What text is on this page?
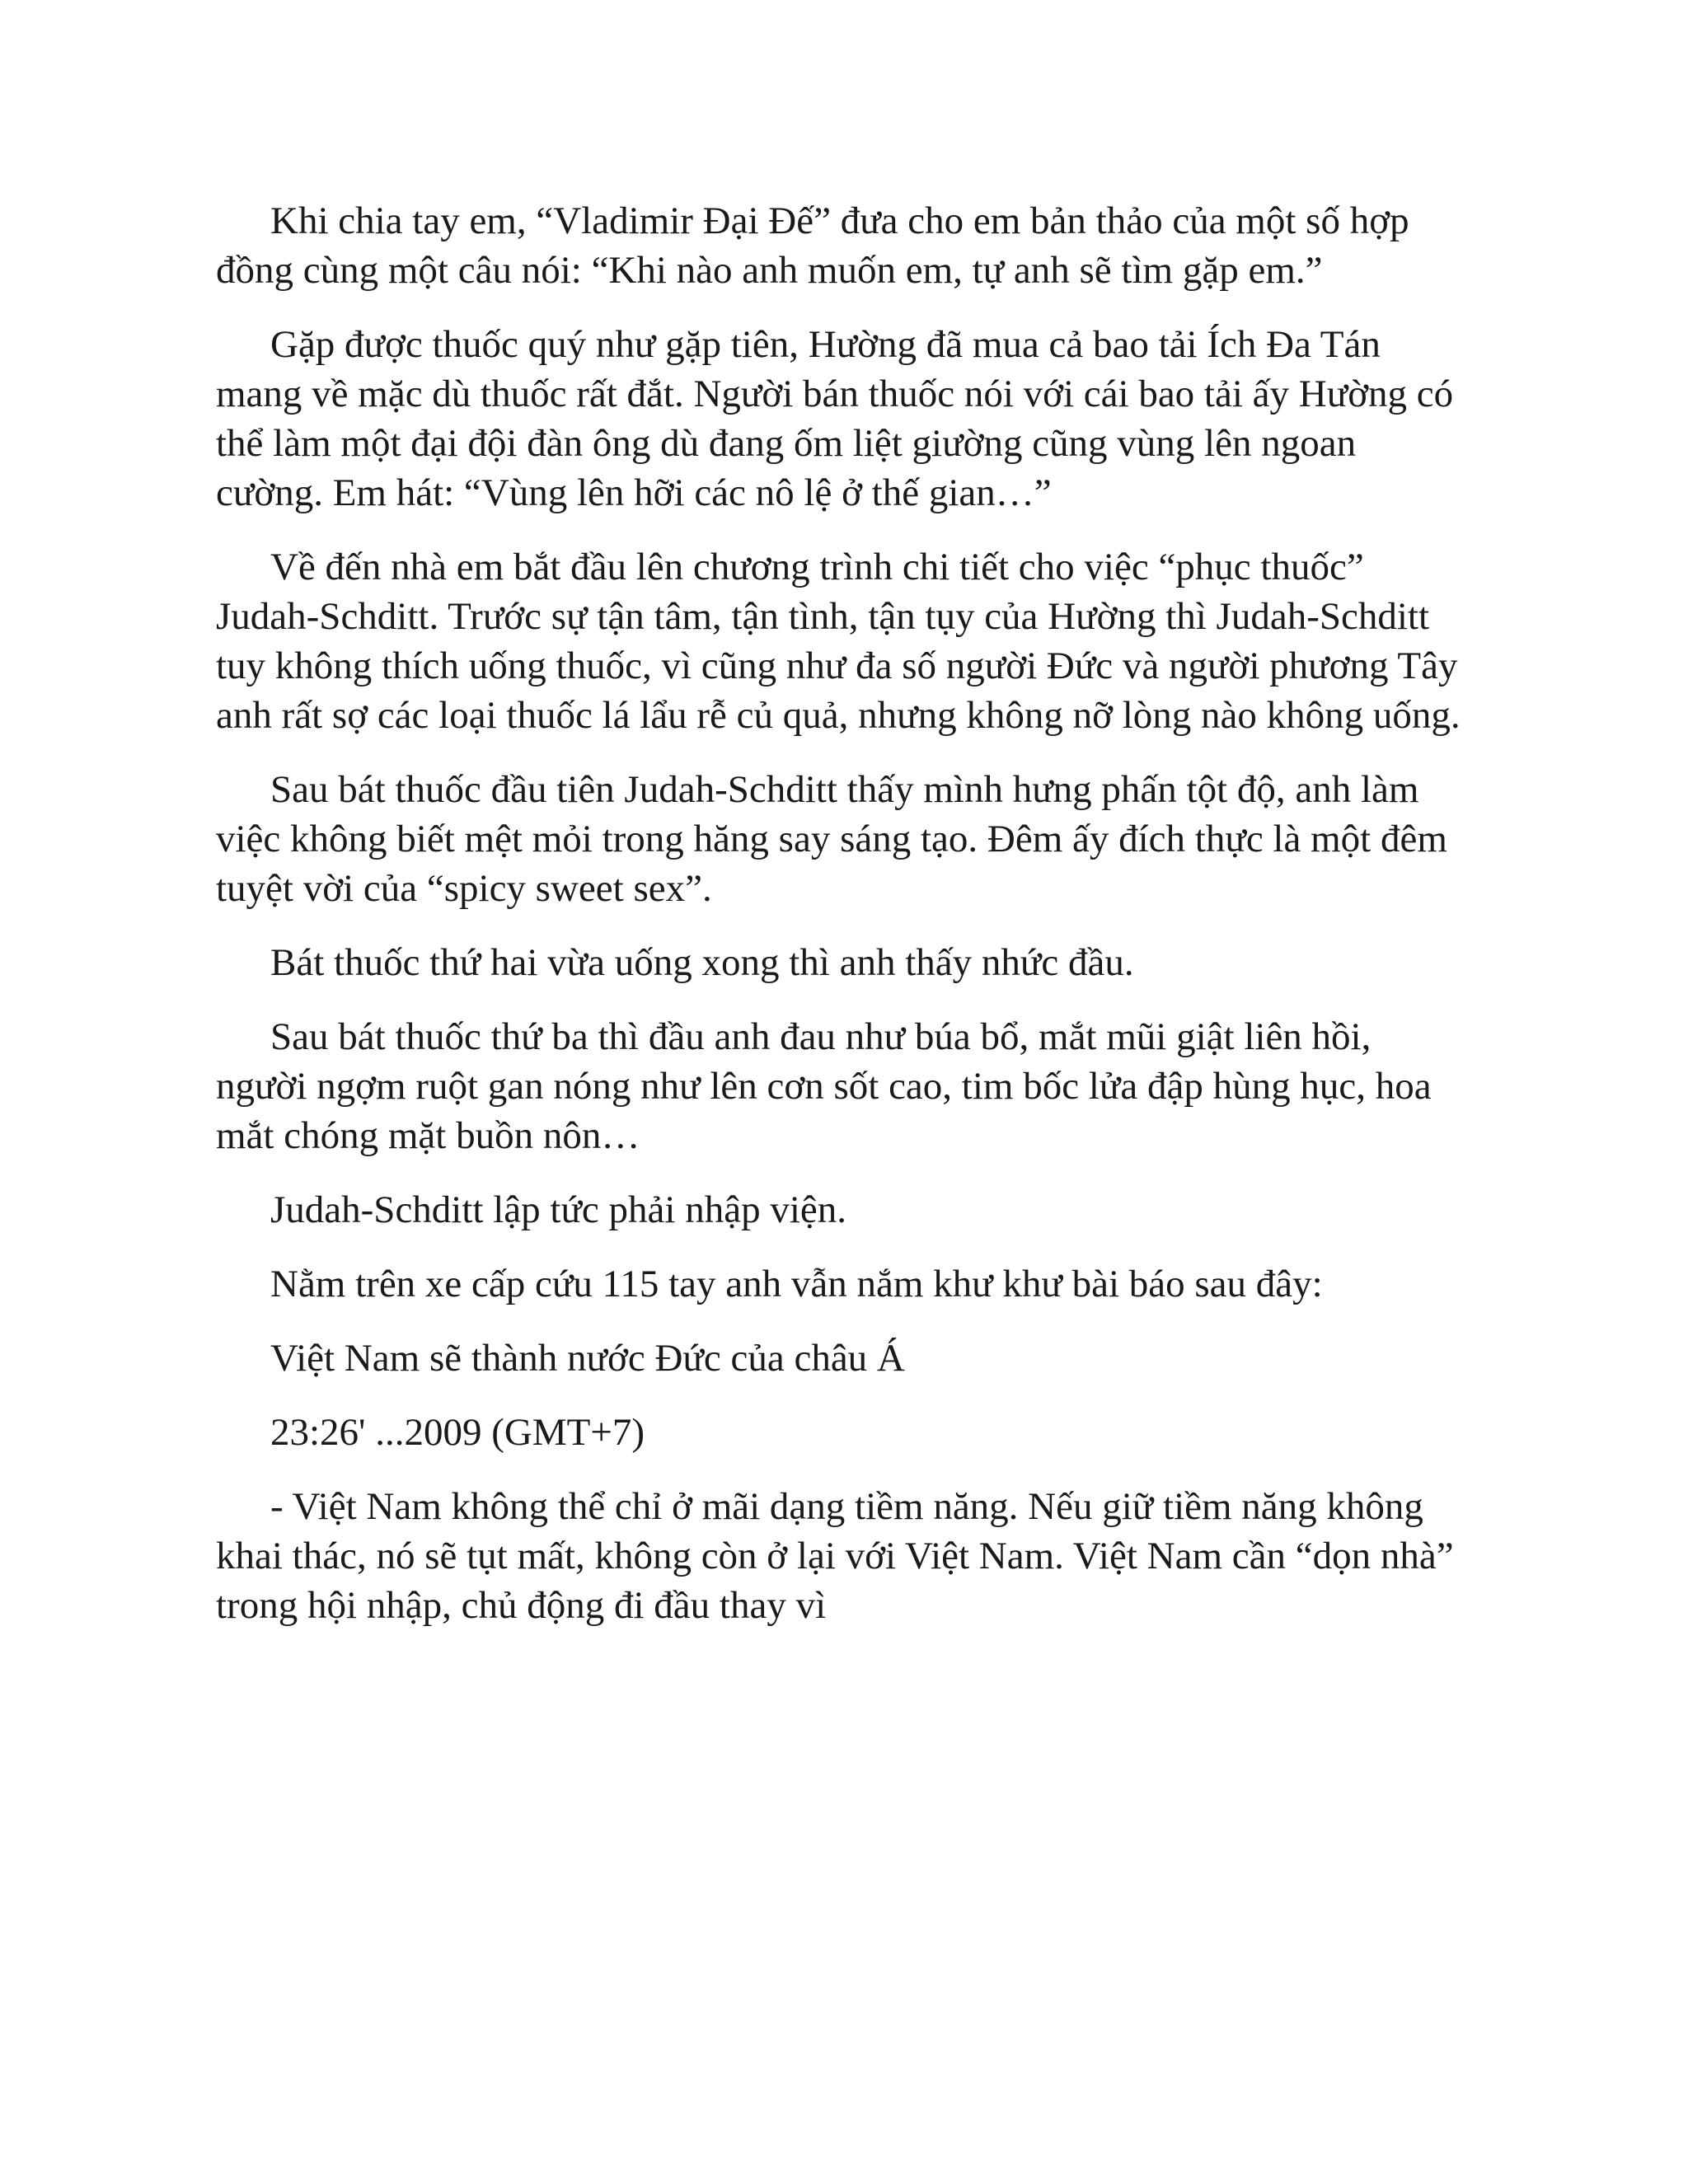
Khi chia tay em, “Vladimir Đại Đế” đưa cho em bản thảo của một số hợp đồng cùng một câu nói: “Khi nào anh muốn em, tự anh sẽ tìm gặp em.”

Gặp được thuốc quý như gặp tiên, Hường đã mua cả bao tải Ích Đa Tán mang về mặc dù thuốc rất đắt. Người bán thuốc nói với cái bao tải ấy Hường có thể làm một đại đội đàn ông dù đang ốm liệt giường cũng vùng lên ngoan cường. Em hát: “Vùng lên hỡi các nô lệ ở thế gian…”

Về đến nhà em bắt đầu lên chương trình chi tiết cho việc “phục thuốc” Judah-Schditt. Trước sự tận tâm, tận tình, tận tụy của Hường thì Judah-Schditt tuy không thích uống thuốc, vì cũng như đa số người Đức và người phương Tây anh rất sợ các loại thuốc lá lẩu rễ củ quả, nhưng không nỡ lòng nào không uống.

Sau bát thuốc đầu tiên Judah-Schditt thấy mình hưng phấn tột độ, anh làm việc không biết mệt mỏi trong hăng say sáng tạo. Đêm ấy đích thực là một đêm tuyệt vời của “spicy sweet sex”.

Bát thuốc thứ hai vừa uống xong thì anh thấy nhức đầu.

Sau bát thuốc thứ ba thì đầu anh đau như búa bổ, mắt mũi giật liên hồi, người ngợm ruột gan nóng như lên cơn sốt cao, tim bốc lửa đập hùng hục, hoa mắt chóng mặt buồn nôn…

Judah-Schditt lập tức phải nhập viện.

Nằm trên xe cấp cứu 115 tay anh vẫn nắm khư khư bài báo sau đây:

Việt Nam sẽ thành nước Đức của châu Á

23:26' ...2009 (GMT+7)

- Việt Nam không thể chỉ ở mãi dạng tiềm năng. Nếu giữ tiềm năng không khai thác, nó sẽ tụt mất, không còn ở lại với Việt Nam. Việt Nam cần “dọn nhà” trong hội nhập, chủ động đi đầu thay vì
